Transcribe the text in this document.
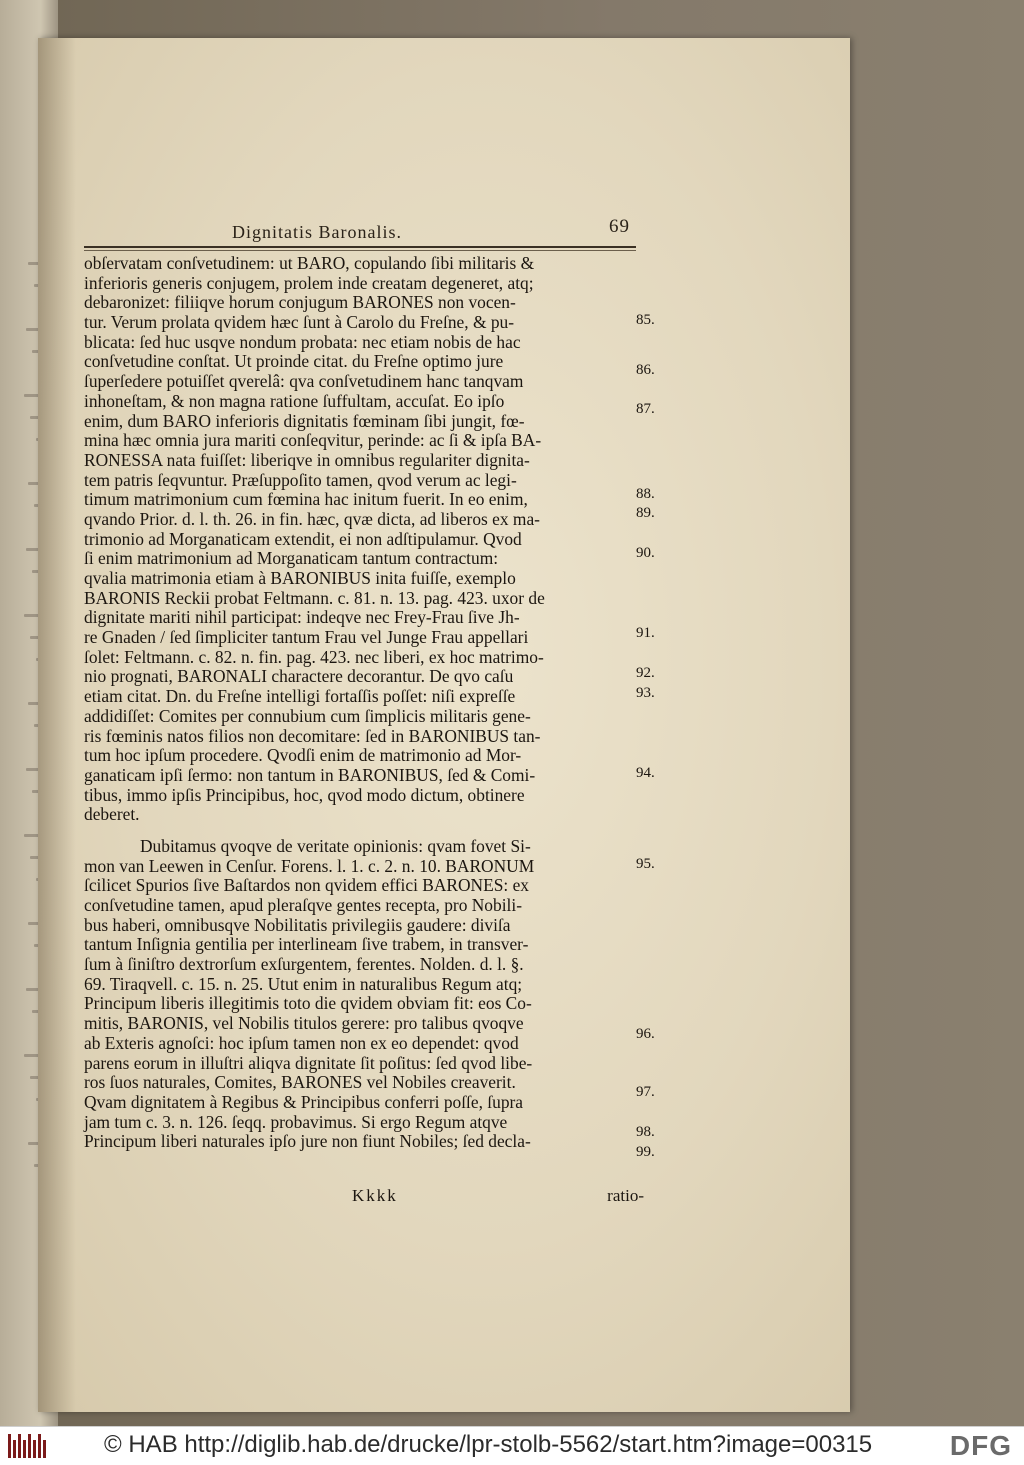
Dignitatis Baronalis.	69
obſervatam conſvetudinem: ut BARO, copulando ſibi militaris &
inferioris generis conjugem, prolem inde creatam degeneret, atq;
debaronizet: filiiqve horum conjugum BARONES non vocen-
tur. Verum prolata qvidem hæc ſunt à Carolo du Freſne, & pu-
blicata: ſed huc usqve nondum probata: nec etiam nobis de hac
conſvetudine conſtat. Ut proinde citat. du Freſne optimo jure
ſuperſedere potuiſſet qverelâ: qva conſvetudinem hanc tanqvam
inhoneſtam, & non magna ratione ſuffultam, accuſat. Eo ipſo
enim, dum BARO inferioris dignitatis fœminam ſibi jungit, fœ-
mina hæc omnia jura mariti conſeqvitur, perinde: ac ſi & ipſa BA-
RONESSA nata fuiſſet: liberiqve in omnibus regulariter dignita-
tem patris ſeqvuntur. Præſuppoſito tamen, qvod verum ac legi-
timum matrimonium cum fœmina hac initum fuerit. In eo enim,
qvando Prior. d. l. th. 26. in fin. hæc, qvæ dicta, ad liberos ex ma-
trimonio ad Morganaticam extendit, ei non adſtipulamur. Qvod
ſi enim matrimonium ad Morganaticam tantum contractum:
qvalia matrimonia etiam à BARONIBUS inita fuiſſe, exemplo
BARONIS Reckii probat Feltmann. c. 81. n. 13. pag. 423. uxor de
dignitate mariti nihil participat: indeqve nec Frey-Frau ſive Jh-
re Gnaden / ſed ſimpliciter tantum Frau vel Junge Frau appellari
ſolet: Feltmann. c. 82. n. fin. pag. 423. nec liberi, ex hoc matrimo-
nio prognati, BARONALI charactere decorantur. De qvo caſu
etiam citat. Dn. du Freſne intelligi fortaſſis poſſet: niſi expreſſe
addidiſſet: Comites per connubium cum ſimplicis militaris gene-
ris fœminis natos filios non decomitare: ſed in BARONIBUS tan-
tum hoc ipſum procedere. Qvodſi enim de matrimonio ad Mor-
ganaticam ipſi ſermo: non tantum in BARONIBUS, ſed & Comi-
tibus, immo ipſis Principibus, hoc, qvod modo dictum, obtinere
deberet.
Dubitamus qvoqve de veritate opinionis: qvam fovet Si-
mon van Leewen in Cenſur. Forens. l. 1. c. 2. n. 10. BARONUM
ſcilicet Spurios ſive Baſtardos non qvidem effici BARONES: ex
conſvetudine tamen, apud pleraſqve gentes recepta, pro Nobili-
bus haberi, omnibusqve Nobilitatis privilegiis gaudere: diviſa
tantum Inſignia gentilia per interlineam ſive trabem, in transver-
ſum à ſiniſtro dextrorſum exſurgentem, ferentes. Nolden. d. l. §.
69. Tiraqvell. c. 15. n. 25. Utut enim in naturalibus Regum atq;
Principum liberis illegitimis toto die qvidem obviam fit: eos Co-
mitis, BARONIS, vel Nobilis titulos gerere: pro talibus qvoqve
ab Exteris agnoſci: hoc ipſum tamen non ex eo dependet: qvod
parens eorum in illuſtri aliqva dignitate ſit poſitus: ſed qvod libe-
ros ſuos naturales, Comites, BARONES vel Nobiles creaverit.
Qvam dignitatem à Regibus & Principibus conferri poſſe, ſupra
jam tum c. 3. n. 126. ſeqq. probavimus. Si ergo Regum atqve
Principum liberi naturales ipſo jure non fiunt Nobiles; ſed decla-
85.
86.
87.
88.
89.
90.
91.
92.
93.
94.
95.
96.
97.
98.
99.
Kkkk	ratio-
© HAB http://diglib.hab.de/drucke/lpr-stolb-5562/start.htm?image=00315	DFG
